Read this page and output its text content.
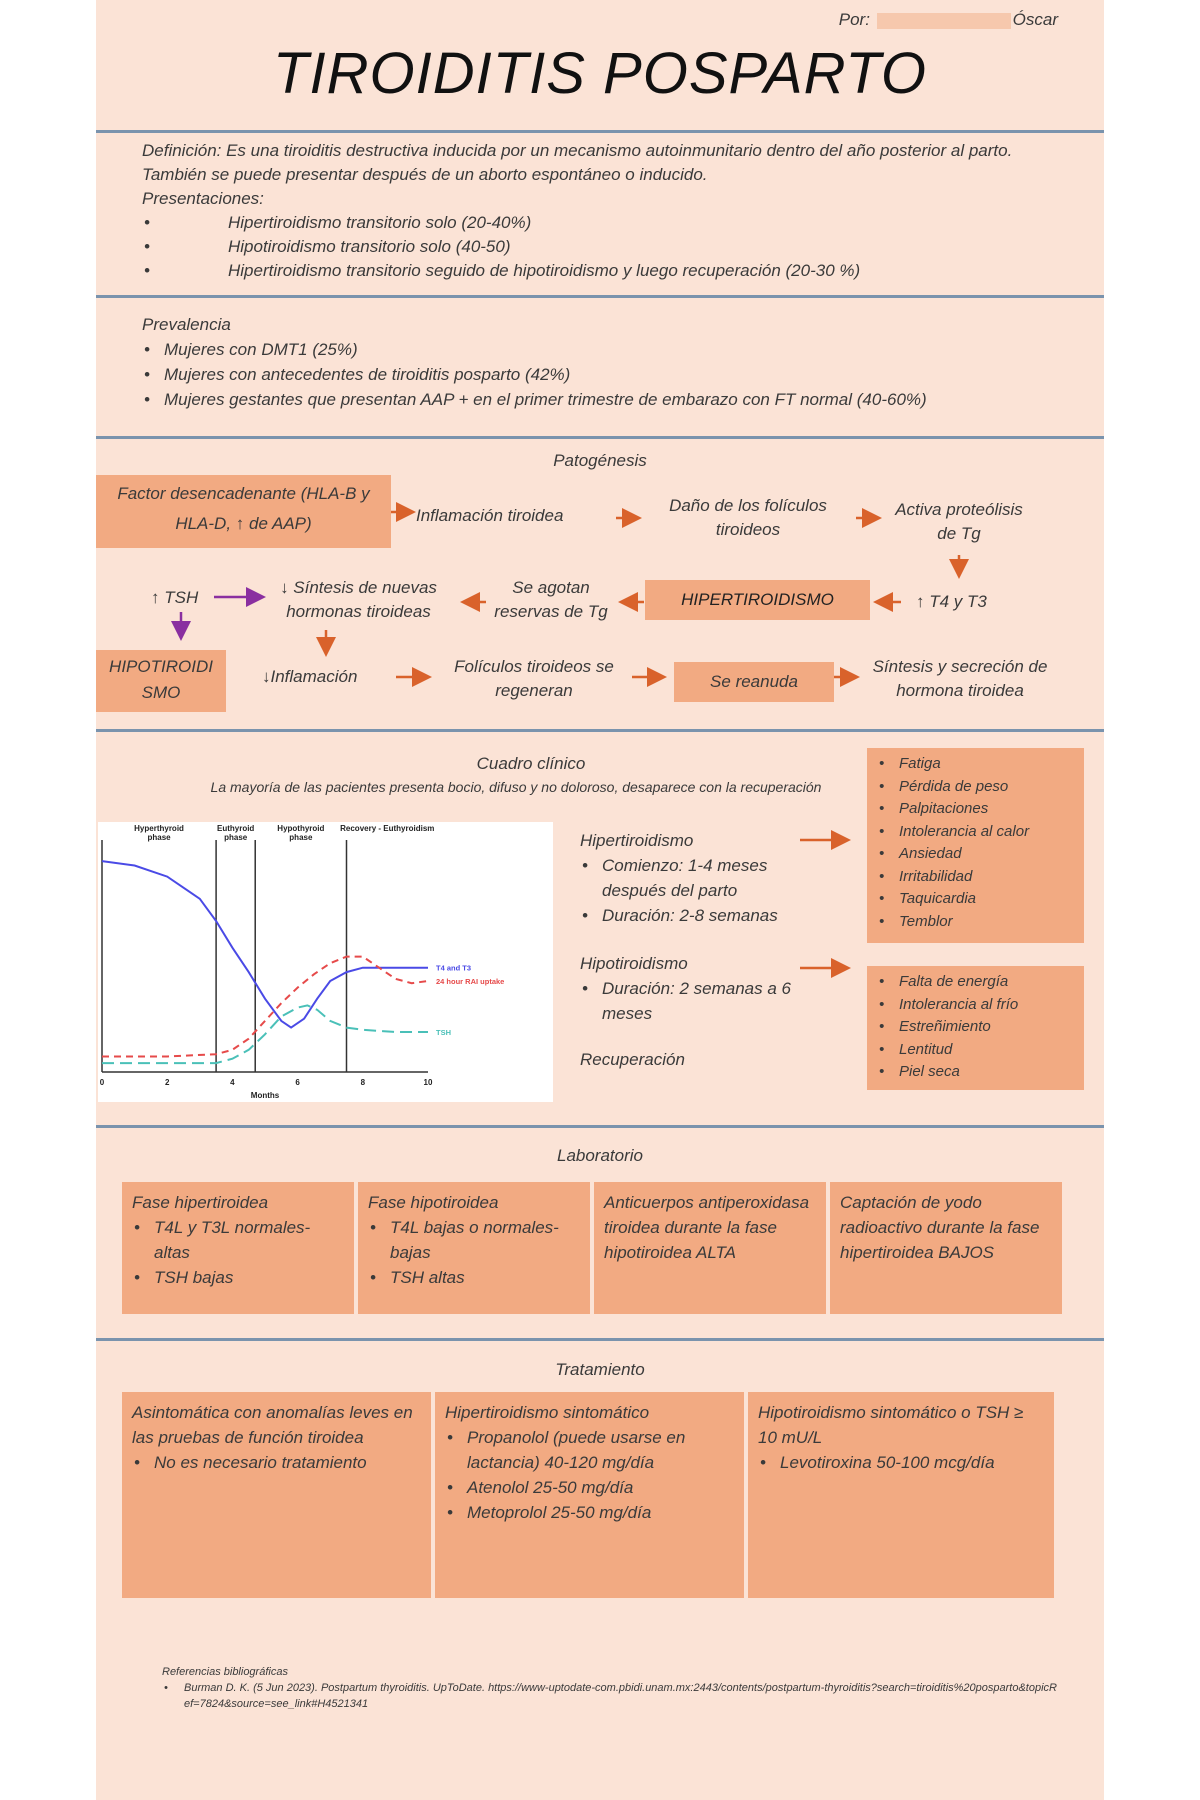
Por:	Óscar
TIROIDITIS POSPARTO
Definición: Es una tiroiditis destructiva inducida por un mecanismo autoinmunitario dentro del año posterior al parto. También se puede presentar después de un aborto espontáneo o inducido.
Presentaciones:
• Hipertiroidismo transitorio solo (20-40%)
• Hipotiroidismo transitorio solo (40-50)
• Hipertiroidismo transitorio seguido de hipotiroidismo y luego recuperación (20-30 %)
Prevalencia
• Mujeres con DMT1 (25%)
• Mujeres con antecedentes de tiroiditis posparto (42%)
• Mujeres gestantes que presentan AAP + en el primer trimestre de embarazo con FT normal (40-60%)
Patogénesis
Factor desencadenante (HLA-B y HLA-D, ↑ de AAP)	Inflamación tiroidea
Daño de los folículos tiroideos
Activa proteólisis de Tg
↑ T4 y T3
HIPERTIROIDISMO
Se agotan reservas de Tg
↓ Síntesis de nuevas hormonas tiroideas
↑ TSH
HIPOTIROIDISMO
↓Inflamación
Folículos tiroideos se regeneran	Se reanuda
Síntesis y secreción de hormona tiroidea
Cuadro clínico
La mayoría de las pacientes presenta bocio, difuso y no doloroso, desaparece con la recuperación
Hyperthyroid phase
Euthyroid phase
Hypothyroid phase
Recovery - Euthyroidism
0	2	4	6	8	10
Months
T4 and T3
24 hour RAI uptake
TSH
Hipertiroidismo
• Comienzo: 1-4 meses después del parto
• Duración: 2-8 semanas
Hipotiroidismo
• Duración: 2 semanas a 6 meses
Recuperación
• Fatiga
• Pérdida de peso
• Palpitaciones
• Intolerancia al calor
• Ansiedad
• Irritabilidad
• Taquicardia
• Temblor
• Falta de energía
• Intolerancia al frío
• Estreñimiento
• Lentitud
• Piel seca
Laboratorio
Fase hipertiroidea
• T4L y T3L normales-altas
• TSH bajas
Fase hipotiroidea
• T4L bajas o normales-bajas
• TSH altas
Anticuerpos antiperoxidasa tiroidea durante la fase hipotiroidea ALTA
Captación de yodo radioactivo durante la fase hipertiroidea BAJOS
Tratamiento
Asintomática con anomalías leves en las pruebas de función tiroidea
• No es necesario tratamiento
Hipertiroidismo sintomático
• Propanolol (puede usarse en lactancia) 40-120 mg/día
• Atenolol 25-50 mg/día
• Metoprolol 25-50 mg/día
Hipotiroidismo sintomático o TSH ≥ 10 mU/L
• Levotiroxina 50-100 mcg/día
Referencias bibliográficas
• Burman D. K. (5 Jun 2023). Postpartum thyroiditis. UpToDate. https://www-uptodate-com.pbidi.unam.mx:2443/contents/postpartum-thyroiditis?search=tiroiditis%20posparto&topicRef=7824&source=see_link#H4521341
